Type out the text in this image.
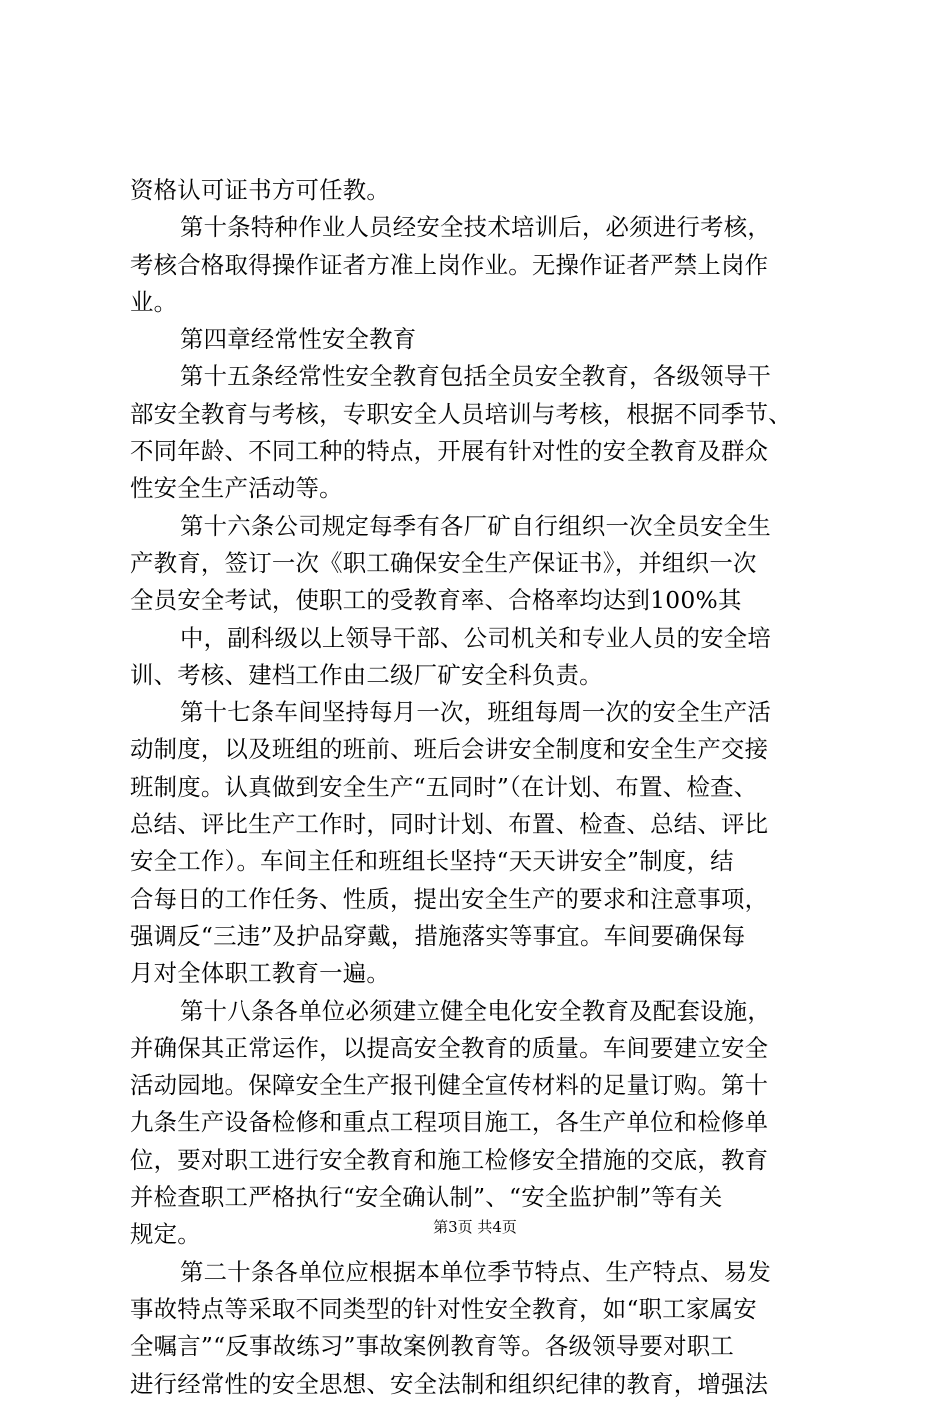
资格认可证书方可任教。
第十条特种作业人员经安全技术培训后，必须进行考核，
考核合格取得操作证者方准上岗作业。无操作证者严禁上岗作
业。
第四章经常性安全教育
第十五条经常性安全教育包括全员安全教育，各级领导干
部安全教育与考核，专职安全人员培训与考核，根据不同季节、
不同年龄、不同工种的特点，开展有针对性的安全教育及群众
性安全生产活动等。
第十六条公司规定每季有各厂矿自行组织一次全员安全生
产教育，签订一次《职工确保安全生产保证书》，并组织一次
全员安全考试，使职工的受教育率、合格率均达到100%其
中，副科级以上领导干部、公司机关和专业人员的安全培
训、考核、建档工作由二级厂矿安全科负责。
第十七条车间坚持每月一次，班组每周一次的安全生产活
动制度，以及班组的班前、班后会讲安全制度和安全生产交接
班制度。认真做到安全生产“五同时”（在计划、布置、检查、
总结、评比生产工作时，同时计划、布置、检查、总结、评比
安全工作）。车间主任和班组长坚持“天天讲安全”制度，结
合每日的工作任务、性质，提出安全生产的要求和注意事项，
强调反“三违”及护品穿戴，措施落实等事宜。车间要确保每
月对全体职工教育一遍。
第十八条各单位必须建立健全电化安全教育及配套设施，
并确保其正常运作，以提高安全教育的质量。车间要建立安全
活动园地。保障安全生产报刊健全宣传材料的足量订购。第十
九条生产设备检修和重点工程项目施工，各生产单位和检修单
位，要对职工进行安全教育和施工检修安全措施的交底，教育
并检查职工严格执行“安全确认制”、“安全监护制”等有关
规定。
第二十条各单位应根据本单位季节特点、生产特点、易发
事故特点等采取不同类型的针对性安全教育，如“职工家属安
全嘱言”“反事故练习”事故案例教育等。各级领导要对职工
进行经常性的安全思想、安全法制和组织纪律的教育，增强法
第3页 共4页
